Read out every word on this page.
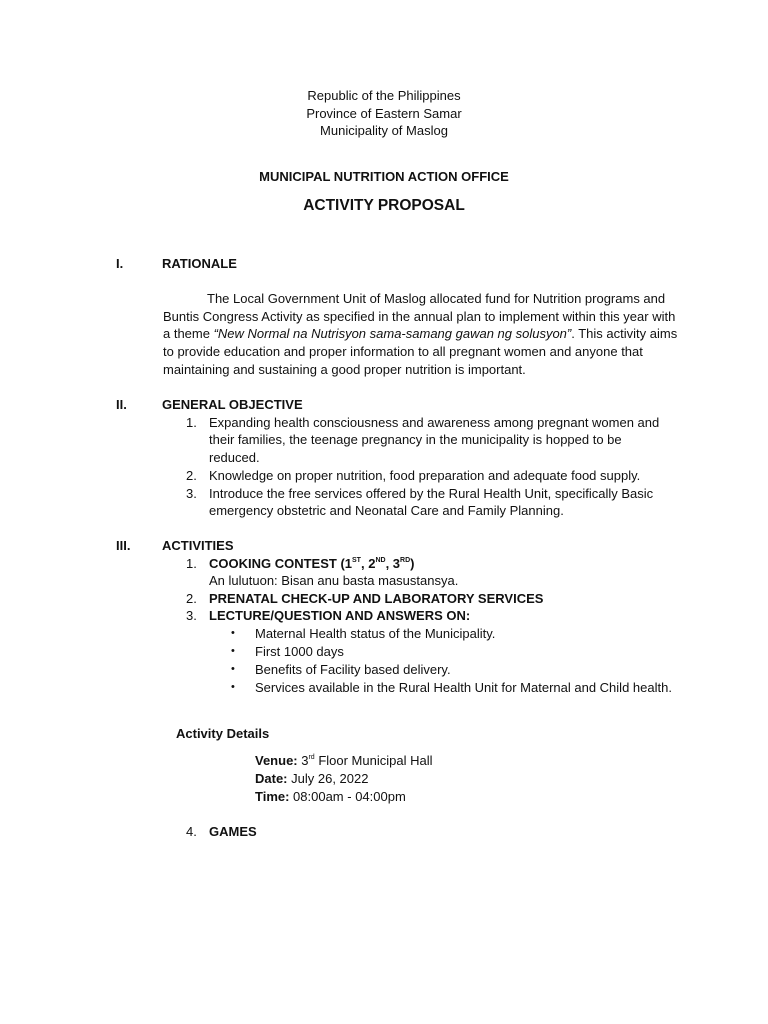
Republic of the Philippines
Province of Eastern Samar
Municipality of Maslog
MUNICIPAL NUTRITION ACTION OFFICE
ACTIVITY PROPOSAL
I.	RATIONALE
The Local Government Unit of Maslog allocated fund for Nutrition programs and Buntis Congress Activity as specified in the annual plan to implement within this year with a theme “New Normal na Nutrisyon sama-samang gawan ng solusyon”. This activity aims to provide education and proper information to all pregnant women and anyone that maintaining and sustaining a good proper nutrition is important.
II.	GENERAL OBJECTIVE
1. Expanding health consciousness and awareness among pregnant women and
their families, the teenage pregnancy in the municipality is hopped to be
reduced.
2. Knowledge on proper nutrition, food preparation and adequate food supply.
3. Introduce the free services offered by the Rural Health Unit, specifically Basic
emergency obstetric and Neonatal Care and Family Planning.
III. ACTIVITIES
1. COOKING CONTEST (1ST, 2ND, 3RD)
An lulutuon: Bisan anu basta masustansya.
2. PRENATAL CHECK-UP AND LABORATORY SERVICES
3. LECTURE/QUESTION AND ANSWERS ON:
•	Maternal Health status of the Municipality.
•	First 1000 days
•	Benefits of Facility based delivery.
•	Services available in the Rural Health Unit for Maternal and Child health.
Activity Details
Venue: 3rd Floor Municipal Hall
Date: July 26, 2022
Time: 08:00am - 04:00pm
4. GAMES
